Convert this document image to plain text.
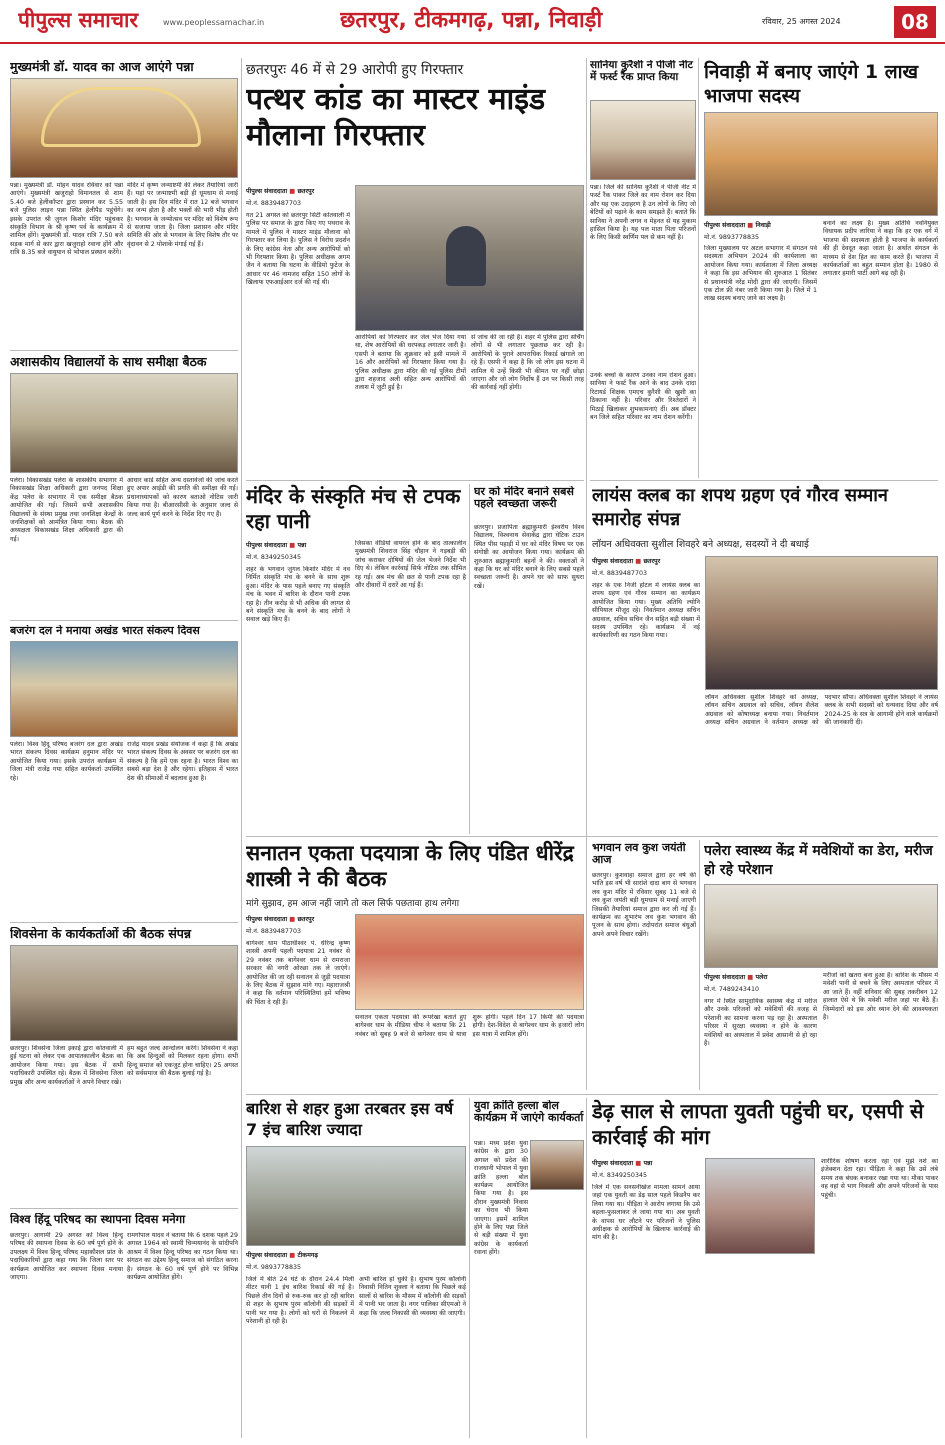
पीपुल्स समाचार	www.peoplessamachar.in	छतरपुर, टीकमगढ़, पन्ना, निवाड़ी	रविवार, 25 अगस्त 2024	08
मुख्यमंत्री डॉ. यादव का आज आएंगे पन्ना
पन्ना। मुख्यमंत्री डॉ. मोहन यादव रविवार को पन्ना आएंगे। मुख्यमंत्री खजुराहो विमानतल से शाम 5.40 बजे हेलीकॉप्टर द्वारा प्रस्थान कर 5.55 बजे पुलिस लाइन पन्ना स्थित हेलीपैड पहुंचेंगे। इसके उपरांत श्री जुगल किशोर मंदिर पहुंचकर संस्कृति विभाग के श्री कृष्ण पर्व के कार्यक्रम में शामिल होंगे। मुख्यमंत्री डॉ. यादव रात्रि 7.50 बजे सड़क मार्ग से कार द्वारा खजुराहो रवाना होंगे और रात्रि 8.35 बजे वायुयान से भोपाल प्रस्थान करेंगे।
मंदिर में कृष्ण जन्माष्टमी की लेकर तैयारियां जारी हैं। यहां पर जन्माष्टमी बड़ी ही धूमधाम से मनाई जाती है। इस दिन मंदिर में रात 12 बजे भगवान का जन्म होता है और भक्तों की भारी भीड़ होती है। भगवान के जन्मोत्सव पर मंदिर को विशेष रूप से सजाया जाता है। जिला प्रशासन और मंदिर समिति की ओर से भगवान के लिए विशेष तौर पर वृंदावन से 2 पोशाकें मंगाई गई हैं।
अशासकीय विद्यालयों के साथ समीक्षा बैठक
पलेरा। विकासखंड पलेरा के शासकीय सभागार में विकासखंड शिक्षा अधिकारी द्वारा जनपद शिक्षा केंद्र पलेरा के सभागार में एक समीक्षा बैठक आयोजित की गई। जिसमें सभी अशासकीय विद्यालयों के संस्था प्रमुख तथा जनशिक्षा केन्द्रों के जनशिक्षकों को आमंत्रित किया गया। बैठक की अध्यक्षता विकासखंड शिक्षा अधिकारी द्वारा की गई।
आधार कार्ड सहित अन्य दस्तावेजों की जांच करते हुए अपार आईडी की प्रगति की समीक्षा की गई। प्रधानाध्यापकों को कारण बताओ नोटिस जारी किया गया है। बीआरसीसी के अनुसार जल्द से जल्द कार्य पूर्ण करने के निर्देश दिए गए हैं।
बजरंग दल ने मनाया अखंड भारत संकल्प दिवस
पलेरा। विश्व हिंदू परिषद बजरंग दल द्वारा अखंड भारत संकल्प दिवस कार्यक्रम हनुमान मंदिर पर आयोजित किया गया। इसके उपरांत कार्यक्रम में जिला मंत्री राजेंद्र गया सहित कार्यकर्ता उपस्थित रहे।
राजेंद्र यादव प्रखंड संयोजक ने कहा है कि अखंड भारत संकल्प दिवस के अवसर पर बजरंग दल का संकल्प है कि हमें एक रहना है। भारत विश्व का सबसे बड़ा देश है और रहेगा। इतिहास में भारत देश की सीमाओं में बदलाव हुआ है।
शिवसेना के कार्यकर्ताओं की बैठक संपन्न
छतरपुर। शिवसेना जिला इकाई द्वारा कोतवाली में हुई घटना को लेकर एक आपातकालीन बैठक का आयोजन किया गया। इस बैठक में सभी पदाधिकारी उपस्थित रहे। बैठक में शिवसेना जिला प्रमुख और अन्य कार्यकर्ताओं ने अपने विचार रखे।
हम बहुत जल्द आन्दोलन करेंगे। शिवसेना ने कहा कि अब हिन्दुओं को मिलकर रहना होगा। सभी हिन्दू समाज को एकजुट होना चाहिए। 25 अगस्त को सर्वसमाज की बैठक बुलाई गई है।
विश्व हिंदू परिषद का स्थापना दिवस मनेगा
छतरपुर। आगामी 29 अगस्त को विश्व हिन्दू परिषद की स्थापना दिवस के 60 वर्ष पूर्ण होने के उपलक्ष्य में विश्व हिन्दू परिषद महाकौशल प्रांत के पदाधिकारियों द्वारा कहा गया कि जिला स्तर पर कार्यक्रम आयोजित कर स्थापना दिवस मनाया जाएगा।
रामगोपाल यादव ने बताया कि 6 दशक पहले 29 अगस्त 1964 को स्वामी चिन्मयानंद के सांदीपनि आश्रम में विश्व हिन्दू परिषद का गठन किया था। संगठन का उद्देश्य हिन्दू समाज को संगठित करना है। संगठन के 60 वर्ष पूर्ण होने पर विभिन्न कार्यक्रम आयोजित होंगे।
छतरपुरः 46 में से 29 आरोपी हुए गिरफ्तार
पत्थर कांड का मास्टर माइंड मौलाना गिरफ्तार
पीपुल्स संवाददाता ■ छतरपुर
मो.नं. 8839487703
गत 21 अगस्त को छतरपुर सिटी कोतवाली में पुलिस पर समाज के द्वारा किए गए पथराव के मामले में पुलिस ने मास्टर माइंड मौलाना को गिरफ्तार कर लिया है। पुलिस ने विरोध प्रदर्शन के लिए कांग्रेस नेता और अन्य आरोपियों को भी गिरफ्तार किया है। पुलिस अधीक्षक अगम जैन ने बताया कि घटना के वीडियो फुटेज के आधार पर 46 नामजद सहित 150 लोगों के खिलाफ एफआईआर दर्ज की गई थी।
आरोपियों को गिरफ्तार कर जेल भेज दिया गया था, शेष आरोपियों की धरपकड़ लगातार जारी है। एसपी ने बताया कि शुक्रवार को इसी मामले में 16 और आरोपियों को गिरफ्तार किया गया है। पुलिस अधीक्षक द्वारा मंदिर की गई पुलिस टीमों द्वारा शहजाद अली सहित अन्य आरोपियों की तलाश में जुटी हुई है।
से जांच की जा रही है। शहर में पुलिस द्वारा सर्चिंग लोगों से भी लगातार पूछताछ कर रही है। आरोपियों के पुराने आपराधिक रिकार्ड खंगाले जा रहे हैं। एसपी ने कहा है कि जो लोग इस घटना में शामिल थे उन्हें किसी भी कीमत पर नहीं छोड़ा जाएगा और जो लोग निर्दोष हैं उन पर किसी तरह की कार्रवाई नहीं होगी।
मंदिर के संस्कृति मंच से टपक रहा पानी
पीपुल्स संवाददाता ■ पन्ना
मो.नं. 8349250345
शहर के भगवान जुगल किशोर मंदिर में नव निर्मित संस्कृति मंच के बनने के साथ शुरू हुआ। मंदिर के पास पहले बनाए गए संस्कृति मंच के भवन में बारिश के दौरान पानी टपक रहा है। तीन करोड़ से भी अधिक की लागत से बने संस्कृति मंच के बनने के बाद लोगों ने सवाल खड़े किए हैं।
जिसका वीडियो वायरल होने के बाद तात्कालीन मुख्यमंत्री शिवराज सिंह चौहान ने गड़बड़ी की जांच कराकर दोषियों की जेल भेजने निर्देश भी दिए थे। लेकिन कार्रवाई सिर्फ नोटिस तक सीमित रह गई। अब मंच की छत से पानी टपक रहा है और दीवारों में दरारें आ गई हैं।
घर को मंदिर बनाने सबसे पहले स्वच्छता जरूरी
छतरपुर। प्रजापिता ब्रह्माकुमारी ईश्वरीय विश्व विद्यालय, विश्वनाथ सेवाकेंद्र द्वारा घेटिक टाउन स्थित पीस पहाड़ी में घर को मंदिर विषय पर एक संगोष्ठी का आयोजन किया गया। कार्यक्रम की शुरुआत ब्रह्माकुमारी बहनों ने की। वक्ताओं ने कहा कि घर को मंदिर बनाने के लिए सबसे पहले स्वच्छता जरूरी है। अपने घर को साफ सुथरा रखें।
सानिया कुरैशी ने पीजी नीट में फर्स्ट रैंक प्राप्त किया
पन्ना। जिले की सानिया कुरैशी ने पीजी नीट में फर्स्ट रैंक पाकर जिले का नाम रोशन कर दिया और यह एक उदाहरण है उन लोगों के लिए जो बेटियों को पढ़ाने के काम समझते हैं। बताते कि सानिया ने अपनी लगन व मेहनत से यह मुकाम हासिल किया है। यह पल माता पिता परिजनों के लिए किसी स्वर्णिम पल से कम नहीं है।
उनके बच्चों के कारण उनका नाम रोशन हुआ। सानिया ने फर्स्ट रैंक आने के बाद उनके दादा रिटायर्ड शिक्षक एमएच कुरैशी की खुशी का ठिकाना नहीं है। परिवार और रिश्तेदारों ने मिठाई खिलाकर शुभकामनाएं दीं। अब डॉक्टर बन जिले सहित परिवार का नाम रोशन करेंगी।
निवाड़ी में बनाए जाएंगे 1 लाख भाजपा सदस्य
पीपुल्स संवाददाता ■ निवाड़ी
मो.नं. 9893778835
जिला मुख्यालय पर अटल सभागार में संगठन पर्व सदस्यता अभियान 2024 की कार्यशाला का आयोजन किया गया। कार्यशाला में जिला अध्यक्ष ने कहा कि इस अभियान की शुरुआत 1 सितंबर से प्रधानमंत्री नरेंद्र मोदी द्वारा की जाएगी। जिसमें एक टोल फ्री नंबर जारी किया गया है। जिले में 1 लाख सदस्य बनाए जाने का लक्ष्य है।
बनाने का लक्ष्य है। मुख्य अतिथि नवनियुक्त विधायक प्रदीप लारिया ने कहा कि हर एक वर्ग में भाजपा की सदस्यता होती है भाजपा के कार्यकर्ता की ही देवदूत कहा जाता है। अर्थात संगठन के माध्यम से देश हित का काम करते हैं। भाजपा में कार्यकर्ताओं का बहुत सम्मान होता है। 1980 से लगातार हमारी पार्टी आगे बढ़ रही है।
लायंस क्लब का शपथ ग्रहण एवं गौरव सम्मान समारोह संपन्न
लॉयन अधिवक्ता सुशील शिवहरे बने अध्यक्ष, सदस्यों ने दी बधाई
पीपुल्स संवाददाता ■ छतरपुर
मो.नं. 8839487703
शहर के एक निजी होटल में लायंस क्लब का शपथ ग्रहण एवं गौरव सम्मान का कार्यक्रम आयोजित किया गया। मुख्य अतिथि ल्योनि सीपियाल मौजूद रहे। निवर्तमान अध्यक्ष सचिन अग्रवाल, सचिव सचिन जैन सहित बड़ी संख्या में सदस्य उपस्थित रहे। कार्यक्रम में नई कार्यकारिणी का गठन किया गया।
लॉयन अधिवक्ता सुशील शिवहरे को अध्यक्ष, लॉयन सचिन अग्रवाल को सचिव, लॉयन शैलेश अग्रवाल को कोषाध्यक्ष बनाया गया। निवर्तमान अध्यक्ष सचिन अग्रवाल ने वर्तमान अध्यक्ष को पदभार सौंपा। अधिवक्ता सुशील शिवहरे ने लायंस क्लब के सभी सदस्यों को धन्यवाद दिया और वर्ष 2024-25 के सत्र के आगामी होने वाले कार्यक्रमों की जानकारी दी।
सनातन एकता पदयात्रा के लिए पंडित धीरेंद्र शास्त्री ने की बैठक
मांगे सुझाव, हम आज नहीं जागे तो कल सिर्फ पछतावा हाथ लगेगा
पीपुल्स संवाददाता ■ छतरपुर
मो.नं. 8839487703
बागेश्वर धाम पीठाधीश्वर पं. धीरेन्द्र कृष्ण शास्त्री अपनी पहली पदयात्रा 21 नवंबर से 29 नवंबर तक बागेश्वर धाम से रामराजा सरकार की नगरी ओरछा तक ले जाएंगे। आयोजित की जा रही सनातन से जुड़ी पदयात्रा के लिए बैठक में सुझाव मांगे गए। महाराजश्री ने कहा कि वर्तमान परिस्थितियां हमें भविष्य की चिंता दे रही हैं।
सनातन एकता पदयात्रा की रूपरेखा बताते हुए बागेश्वर धाम के मीडिया चीफ ने बताया कि 21 नवंबर को सुबह 9 बजे से बागेश्वर धाम से यात्रा शुरू होगी। पहले दिन 17 किमी की पदयात्रा होगी। देश-विदेश से बागेश्वर धाम के हजारों लोग इस यात्रा में शामिल होंगे।
भगवान लव कुश जयंती आज
छतरपुर। कुशवाहा समाज द्वारा हर वर्ष की भांति इस वर्ष भी सारांशे दादा बाग से भगवान लव कुश मंदिर में रविवार सुबह 11 बजे से लव कुश जयंती बड़ी धूमधाम से मनाई जाएगी जिसकी तैयारियां समाज द्वारा कर ली गई हैं। कार्यक्रम का शुभारंभ लव कुश भगवान की पूजन के साथ होगा। तदोपरांत समाज बंधुओं अपने अपने विचार रखेंगे।
पलेरा स्वास्थ्य केंद्र में मवेशियों का डेरा, मरीज हो रहे परेशान
पीपुल्स संवाददाता ■ पलेरा
मो.नं. 7489243410
नगर में स्थित सामुदायिक स्वास्थ्य केंद्र में मरीज और उनके परिजनों को मवेशियों की वजह से परेशानी का सामना करना पड़ रहा है। अस्पताल परिसर में सुरक्षा व्यवस्था न होने के कारण मवेशियों का अस्पताल में प्रवेश आसानी से हो रहा है।
मरीजों को खतरा बना हुआ है। बारिश के मौसम में मवेशी पानी से बचने के लिए अस्पताल परिसर में आ जाते हैं। वहीं शनिवार की सुबह तकरीबन 12 हालात ऐसे थे कि मवेशी मरीज जहां पर बैठे हैं। जिम्मेदारों को इस ओर ध्यान देने की आवश्यकता है।
बारिश से शहर हुआ तरबतर इस वर्ष 7 इंच बारिश ज्यादा
पीपुल्स संवाददाता ■ टीकमगढ़
मो.नं. 9893778835
जिले में बीते 24 घंटे के दौरान 24.4 मिली मीटर यानी 1 इंच बारिश रिकार्ड की गई है। पिछले तीन दिनों से रुक-रुक कर हो रही बारिश से शहर के सुभाष पुरम कॉलोनी की सड़कों में पानी भर गया है। लोगों को घरों से निकलने में परेशानी हो रही है।
अभी बारिश हो चुकी है। सुभाष पुरम कॉलोनी निवासी नितिन शुक्ला ने बताया कि पिछले कई सालों से बारिश के मौसम में कॉलोनी की सड़कों में पानी भर जाता है। नगर पालिका सीएमओ ने कहा कि जल्द निकासी की व्यवस्था की जाएगी।
युवा क्रांति हल्ला बोल कार्यक्रम में जाएंगे कार्यकर्ता
पन्ना। मध्य प्रदेश युवा कांग्रेस के द्वारा 30 अगस्त को प्रदेश की राजधानी भोपाल में युवा क्रांति हल्ला बोल कार्यक्रम आयोजित किया गया है। इस दौरान मुख्यमंत्री निवास का घेराव भी किया जाएगा। इसमें शामिल होने के लिए पन्ना जिले से बड़ी संख्या में युवा कांग्रेस के कार्यकर्ता रवाना होंगे।
डेढ़ साल से लापता युवती पहुंची घर, एसपी से कार्रवाई की मांग
पीपुल्स संवाददाता ■ पन्ना
मो.नं. 8349250345
जिले में एक सनसनीखेज मामला सामने आया जहां एक युवती का डेढ़ साल पहले किडनैप कर लिया गया था। पीड़िता ने आरोप लगाया कि उसे बहला-फुसलाकर ले जाया गया था। अब युवती के वापस घर लौटने पर परिजनों ने पुलिस अधीक्षक से आरोपियों के खिलाफ कार्रवाई की मांग की है।
शारीरिक शोषण करता रहा एवं मुझे नशे का इंजेक्शन देता रहा। पीड़िता ने कहा कि उसे लंबे समय तक बंधक बनाकर रखा गया था। मौका पाकर वह वहां से भाग निकली और अपने परिजनों के पास पहुंची।
